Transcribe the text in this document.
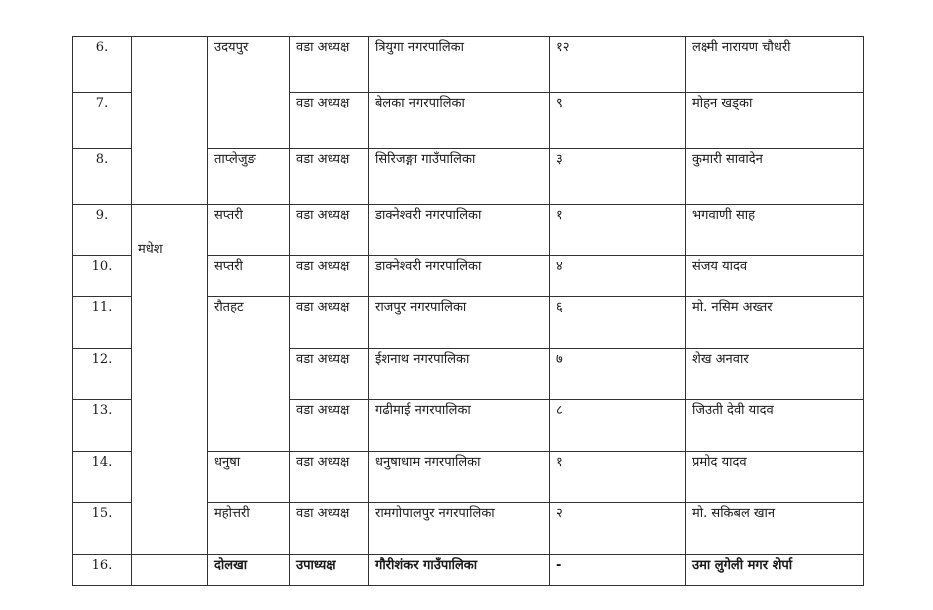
6.		उदयपुर	वडा अध्यक्ष	त्रियुगा नगरपालिका	१२	लक्ष्मी नारायण चौधरी
7.			वडा अध्यक्ष	बेलका नगरपालिका	९	मोहन खड्का
8.		ताप्लेजुङ	वडा अध्यक्ष	सिरिजङ्गा गाउँपालिका	३	कुमारी सावादेन
9.	मधेश	सप्तरी	वडा अध्यक्ष	डाक्नेश्वरी नगरपालिका	१	भगवाणी साह
10.		सप्तरी	वडा अध्यक्ष	डाक्नेश्वरी नगरपालिका	४	संजय यादव
11.		रौतहट	वडा अध्यक्ष	राजपुर नगरपालिका	६	मो. नसिम अख्तर
12.			वडा अध्यक्ष	ईशनाथ नगरपालिका	७	शेख अनवार
13.			वडा अध्यक्ष	गढीमाई नगरपालिका	८	जिउती देवी यादव
14.		धनुषा	वडा अध्यक्ष	धनुषाधाम नगरपालिका	१	प्रमोद यादव
15.		महोत्तरी	वडा अध्यक्ष	रामगोपालपुर नगरपालिका	२	मो. सकिबल खान
16.		दोलखा	उपाध्यक्ष	गौरीशंकर गाउँपालिका	-	उमा लुगेली मगर शेर्पा
